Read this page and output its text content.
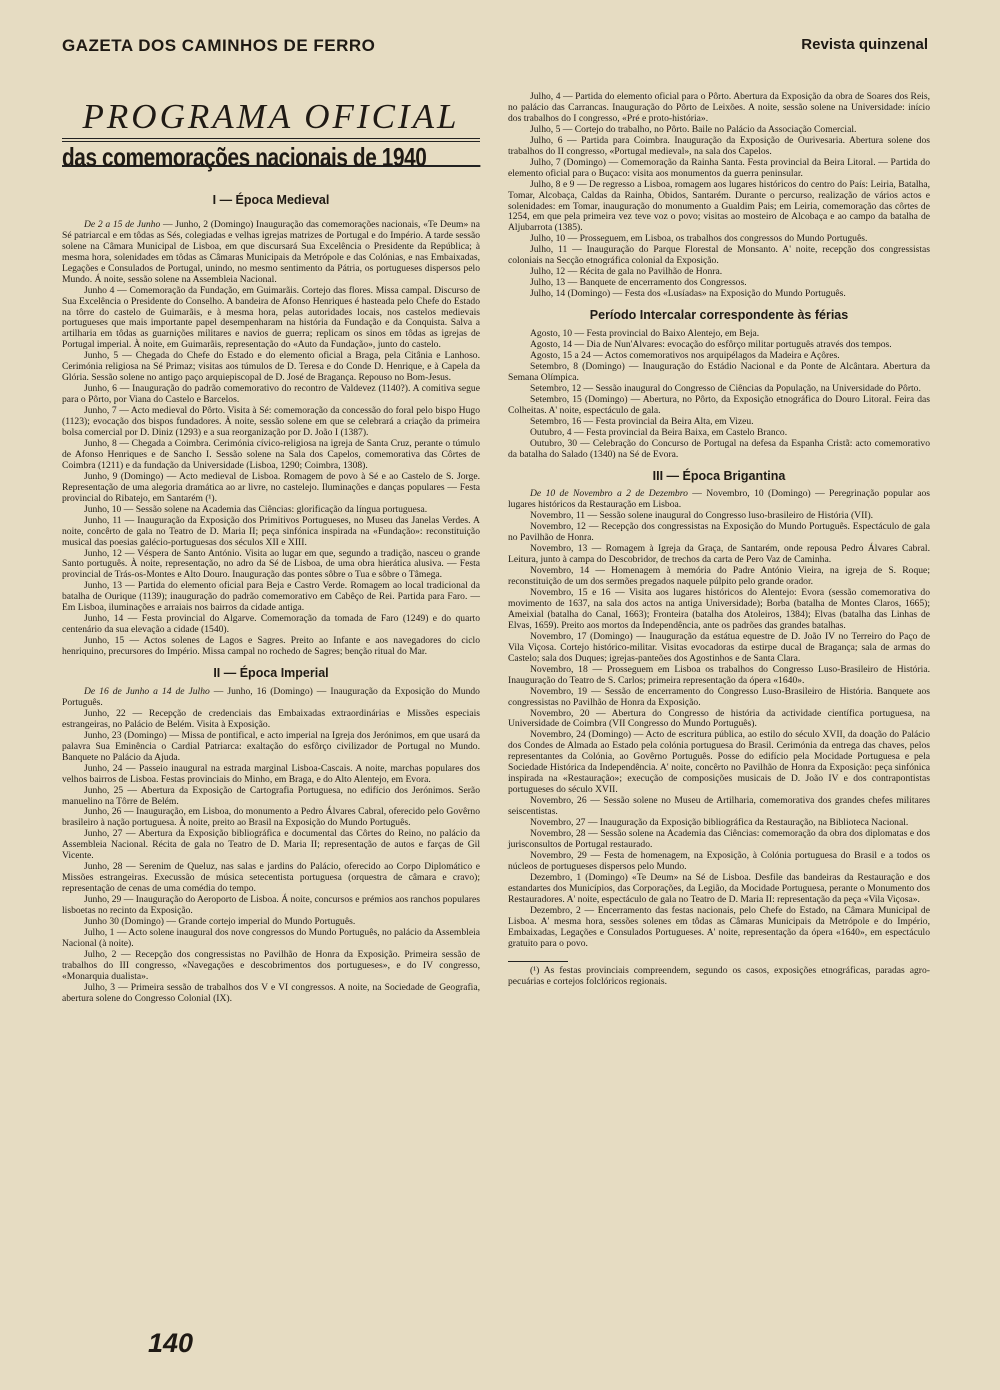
GAZETA DOS CAMINHOS DE FERRO	Revista quinzenal
PROGRAMA OFICIAL
das comemorações nacionais de 1940
I — Época Medieval

De 2 a 15 de Junho — Junho, 2 (Domingo) Inauguração das comemorações nacionais, «Te Deum» na Sé patriarcal e em tôdas as Sés, colegiadas e velhas igrejas matrizes de Portugal e do Império. A tarde sessão solene na Câmara Municipal de Lisboa, em que discursará Sua Excelência o Presidente da República; à mesma hora, solenidades em tôdas as Câmaras Municipais da Metrópole e das Colónias, e nas Embaixadas, Legações e Consulados de Portugal, unindo, no mesmo sentimento da Pátria, os portugueses dispersos pelo Mundo. Á noite, sessão solene na Assembleia Nacional.

Junho 4 — Comemoração da Fundação, em Guimarãis. Cortejo das flores. Missa campal. Discurso de Sua Excelência o Presidente do Conselho. A bandeira de Afonso Henriques é hasteada pelo Chefe do Estado na tôrre do castelo de Guimarãis, e à mesma hora, pelas autoridades locais, nos castelos medievais portugueses que mais importante papel desempenharam na história da Fundação e da Conquista. Salva a artilharia em tôdas as guarnições militares e navios de guerra; replicam os sinos em tôdas as igrejas de Portugal imperial. À noite, em Guimarãis, representação do «Auto da Fundação», junto do castelo.

Junho, 5 — Chegada do Chefe do Estado e do elemento oficial a Braga, pela Citânia e Lanhoso. Cerimónia religiosa na Sé Primaz; visitas aos túmulos de D. Teresa e do Conde D. Henrique, e à Capela da Glória. Sessão solene no antigo paço arquiepiscopal de D. José de Bragança. Repouso no Bom-Jesus.

Junho, 6 — Inauguração do padrão comemorativo do recontro de Valdevez (1140?). A comitiva segue para o Pôrto, por Viana do Castelo e Barcelos.

Junho, 7 — Acto medieval do Pôrto. Visita à Sé: comemoração da concessão do foral pelo bispo Hugo (1123); evocação dos bispos fundadores. À noite, sessão solene em que se celebrará a criação da primeira bolsa comercial por D. Diniz (1293) e a sua reorganização por D. João I (1387).

Junho, 8 — Chegada a Coimbra. Cerimónia cívico-religiosa na igreja de Santa Cruz, perante o túmulo de Afonso Henriques e de Sancho I. Sessão solene na Sala dos Capelos, comemorativa das Côrtes de Coimbra (1211) e da fundação da Universidade (Lisboa, 1290; Coimbra, 1308).

Junho, 9 (Domingo) — Acto medieval de Lisboa. Romagem de povo à Sé e ao Castelo de S. Jorge. Representação de uma alegoria dramática ao ar livre, no castelejo. Iluminações e danças populares — Festa provincial do Ribatejo, em Santarém (¹).

Junho, 10 — Sessão solene na Academia das Ciências: glorificação da língua portuguesa.

Junho, 11 — Inauguração da Exposição dos Primitivos Portugueses, no Museu das Janelas Verdes. A noite, concêrto de gala no Teatro de D. Maria II; peça sinfónica inspirada na «Fundação»: reconstituição musical das poesias galécio-portuguesas dos séculos XII e XIII.

Junho, 12 — Véspera de Santo António. Visita ao lugar em que, segundo a tradição, nasceu o grande Santo português. À noite, representação, no adro da Sé de Lisboa, de uma obra hierática alusiva. — Festa provincial de Trás-os-Montes e Alto Douro. Inauguração das pontes sôbre o Tua e sôbre o Tâmega.

Junho, 13 — Partida do elemento oficial para Beja e Castro Verde. Romagem ao local tradicional da batalha de Ourique (1139); inauguração do padrão comemorativo em Cabêço de Rei. Partida para Faro. — Em Lisboa, iluminações e arraiais nos bairros da cidade antiga.

Junho, 14 — Festa provincial do Algarve. Comemoração da tomada de Faro (1249) e do quarto centenário da sua elevação a cidade (1540).

Junho, 15 — Actos solenes de Lagos e Sagres. Preito ao Infante e aos navegadores do ciclo henriquino, precursores do Império. Missa campal no rochedo de Sagres; benção ritual do Mar.

II — Época Imperial

De 16 de Junho a 14 de Julho — Junho, 16 (Domingo) — Inauguração da Exposição do Mundo Português.

Junho, 22 — Recepção de credenciais das Embaixadas extraordinárias e Missões especiais estrangeiras, no Palácio de Belém. Visita à Exposição.

Junho, 23 (Domingo) — Missa de pontifical, e acto imperial na Igreja dos Jerónimos, em que usará da palavra Sua Eminência o Cardial Patriarca: exaltação do esfôrço civilizador de Portugal no Mundo. Banquete no Palácio da Ajuda.

Junho, 24 — Passeio inaugural na estrada marginal Lisboa-Cascais. A noite, marchas populares dos velhos bairros de Lisboa. Festas provinciais do Minho, em Braga, e do Alto Alentejo, em Evora.

Junho, 25 — Abertura da Exposição de Cartografia Portuguesa, no edifício dos Jerónimos. Serão manuelino na Tôrre de Belém.

Junho, 26 — Inauguração, em Lisboa, do monumento a Pedro Álvares Cabral, oferecido pelo Govêrno brasileiro à nação portuguesa. À noite, preito ao Brasil na Exposição do Mundo Português.

Junho, 27 — Abertura da Exposição bibliográfica e documental das Côrtes do Reino, no palácio da Assembleia Nacional. Récita de gala no Teatro de D. Maria II; representação de autos e farças de Gil Vicente.

Junho, 28 — Serenim de Queluz, nas salas e jardins do Palácio, oferecido ao Corpo Diplomático e Missões estrangeiras. Execussão de música setecentista portuguesa (orquestra de câmara e cravo); representação de cenas de uma comédia do tempo.

Junho, 29 — Inauguração do Aeroporto de Lisboa. Á noite, concursos e prémios aos ranchos populares lisboetas no recinto da Exposição.

Junho 30 (Domingo) — Grande cortejo imperial do Mundo Português.

Julho, 1 — Acto solene inaugural dos nove congressos do Mundo Português, no palácio da Assembleia Nacional (à noite).

Julho, 2 — Recepção dos congressistas no Pavilhão de Honra da Exposição. Primeira sessão de trabalhos do III congresso, «Navegações e descobrimentos dos portugueses», e do IV congresso, «Monarquia dualista».

Julho, 3 — Primeira sessão de trabalhos dos V e VI congressos. A noite, na Sociedade de Geografia, abertura solene do Congresso Colonial (IX).

Julho, 4 — Partida do elemento oficial para o Pôrto. Abertura da Exposição da obra de Soares dos Reis, no palácio das Carrancas. Inauguração do Pôrto de Leixões. A noite, sessão solene na Universidade: início dos trabalhos do I congresso, «Pré e proto-história».

Julho, 5 — Cortejo do trabalho, no Pôrto. Baile no Palácio da Associação Comercial.

Julho, 6 — Partida para Coimbra. Inauguração da Exposição de Ourivesaria. Abertura solene dos trabalhos do II congresso, «Portugal medieval», na sala dos Capelos.

Julho, 7 (Domingo) — Comemoração da Rainha Santa. Festa provincial da Beira Litoral. — Partida do elemento oficial para o Buçaco: visita aos monumentos da guerra peninsular.

Julho, 8 e 9 — De regresso a Lisboa, romagem aos lugares históricos do centro do País: Leiria, Batalha, Tomar, Alcobaça, Caldas da Rainha, Obidos, Santarém. Durante o percurso, realização de vários actos e solenidades: em Tomar, inauguração do monumento a Gualdim Pais; em Leiria, comemoração das côrtes de 1254, em que pela primeira vez teve voz o povo; visitas ao mosteiro de Alcobaça e ao campo da batalha de Aljubarrota (1385).

Julho, 10 — Prosseguem, em Lisboa, os trabalhos dos congressos do Mundo Português.

Julho, 11 — Inauguração do Parque Florestal de Monsanto. A' noite, recepção dos congressistas coloniais na Secção etnográfica colonial da Exposição.

Julho, 12 — Récita de gala no Pavilhão de Honra.

Julho, 13 — Banquete de encerramento dos Congressos.

Julho, 14 (Domingo) — Festa dos «Lusíadas» na Exposição do Mundo Português.

Período Intercalar correspondente às férias

Agosto, 10 — Festa provincial do Baixo Alentejo, em Beja.

Agosto, 14 — Dia de Nun'Alvares: evocação do esfôrço militar português através dos tempos.

Agosto, 15 a 24 — Actos comemorativos nos arquipélagos da Madeira e Açôres.

Setembro, 8 (Domingo) — Inauguração do Estádio Nacional e da Ponte de Alcântara. Abertura da Semana Olímpica.

Setembro, 12 — Sessão inaugural do Congresso de Ciências da População, na Universidade do Pôrto.

Setembro, 15 (Domingo) — Abertura, no Pôrto, da Exposição etnográfica do Douro Litoral. Feira das Colheitas. A' noite, espectáculo de gala.

Setembro, 16 — Festa provincial da Beira Alta, em Vizeu.

Outubro, 4 — Festa provincial da Beira Baixa, em Castelo Branco.

Outubro, 30 — Celebração do Concurso de Portugal na defesa da Espanha Cristã: acto comemorativo da batalha do Salado (1340) na Sé de Evora.

III — Época Brigantina

De 10 de Novembro a 2 de Dezembro — Novembro, 10 (Domingo) — Peregrinação popular aos lugares históricos da Restauração em Lisboa.

Novembro, 11 — Sessão solene inaugural do Congresso luso-brasileiro de História (VII).

Novembro, 12 — Recepção dos congressistas na Exposição do Mundo Português. Espectáculo de gala no Pavilhão de Honra.

Novembro, 13 — Romagem à Igreja da Graça, de Santarém, onde repousa Pedro Álvares Cabral. Leitura, junto à campa do Descobridor, de trechos da carta de Pero Vaz de Caminha.

Novembro, 14 — Homenagem à memória do Padre António Vieira, na igreja de S. Roque; reconstituição de um dos sermões pregados naquele púlpito pelo grande orador.

Novembro, 15 e 16 — Visita aos lugares históricos do Alentejo: Evora (sessão comemorativa do movimento de 1637, na sala dos actos na antiga Universidade); Borba (batalha de Montes Claros, 1665); Ameixial (batalha do Canal, 1663); Fronteira (batalha dos Atoleiros, 1384); Elvas (batalha das Linhas de Elvas, 1659). Preito aos mortos da Independência, ante os padrões das grandes batalhas.

Novembro, 17 (Domingo) — Inauguração da estátua equestre de D. João IV no Terreiro do Paço de Vila Viçosa. Cortejo histórico-militar. Visitas evocadoras da estirpe ducal de Bragança; sala de armas do Castelo; sala dos Duques; igrejas-panteões dos Agostinhos e de Santa Clara.

Novembro, 18 — Prosseguem em Lisboa os trabalhos do Congresso Luso-Brasileiro de História. Inauguração do Teatro de S. Carlos; primeira representação da ópera «1640».

Novembro, 19 — Sessão de encerramento do Congresso Luso-Brasileiro de História. Banquete aos congressistas no Pavilhão de Honra da Exposição.

Novembro, 20 — Abertura do Congresso de história da actividade científica portuguesa, na Universidade de Coimbra (VII Congresso do Mundo Português).

Novembro, 24 (Domingo) — Acto de escritura pública, ao estilo do século XVII, da doação do Palácio dos Condes de Almada ao Estado pela colónia portuguesa do Brasil. Cerimónia da entrega das chaves, pelos representantes da Colónia, ao Govêrno Português. Posse do edifício pela Mocidade Portuguesa e pela Sociedade Histórica da Independência. A' noite, concêrto no Pavilhão de Honra da Exposição: peça sinfónica inspirada na «Restauração»; execução de composições musicais de D. João IV e dos contrapontistas portugueses do século XVII.

Novembro, 26 — Sessão solene no Museu de Artilharia, comemorativa dos grandes chefes militares seiscentistas.

Novembro, 27 — Inauguração da Exposição bibliográfica da Restauração, na Biblioteca Nacional.

Novembro, 28 — Sessão solene na Academia das Ciências: comemoração da obra dos diplomatas e dos jurisconsultos de Portugal restaurado.

Novembro, 29 — Festa de homenagem, na Exposição, à Colónia portuguesa do Brasil e a todos os núcleos de portugueses dispersos pelo Mundo.

Dezembro, 1 (Domingo) «Te Deum» na Sé de Lisboa. Desfile das bandeiras da Restauração e dos estandartes dos Municípios, das Corporações, da Legião, da Mocidade Portuguesa, perante o Monumento dos Restauradores. A' noite, espectáculo de gala no Teatro de D. Maria II: representação da peça «Vila Viçosa».

Dezembro, 2 — Encerramento das festas nacionais, pelo Chefe do Estado, na Câmara Municipal de Lisboa. A' mesma hora, sessões solenes em tôdas as Câmaras Municipais da Metrópole e do Império, Embaixadas, Legações e Consulados Portugueses. A' noite, representação da ópera «1640», em espectáculo gratuito para o povo.

(¹) As festas provinciais compreendem, segundo os casos, exposições etnográficas, paradas agro-pecuárias e cortejos folclóricos regionais.

140
